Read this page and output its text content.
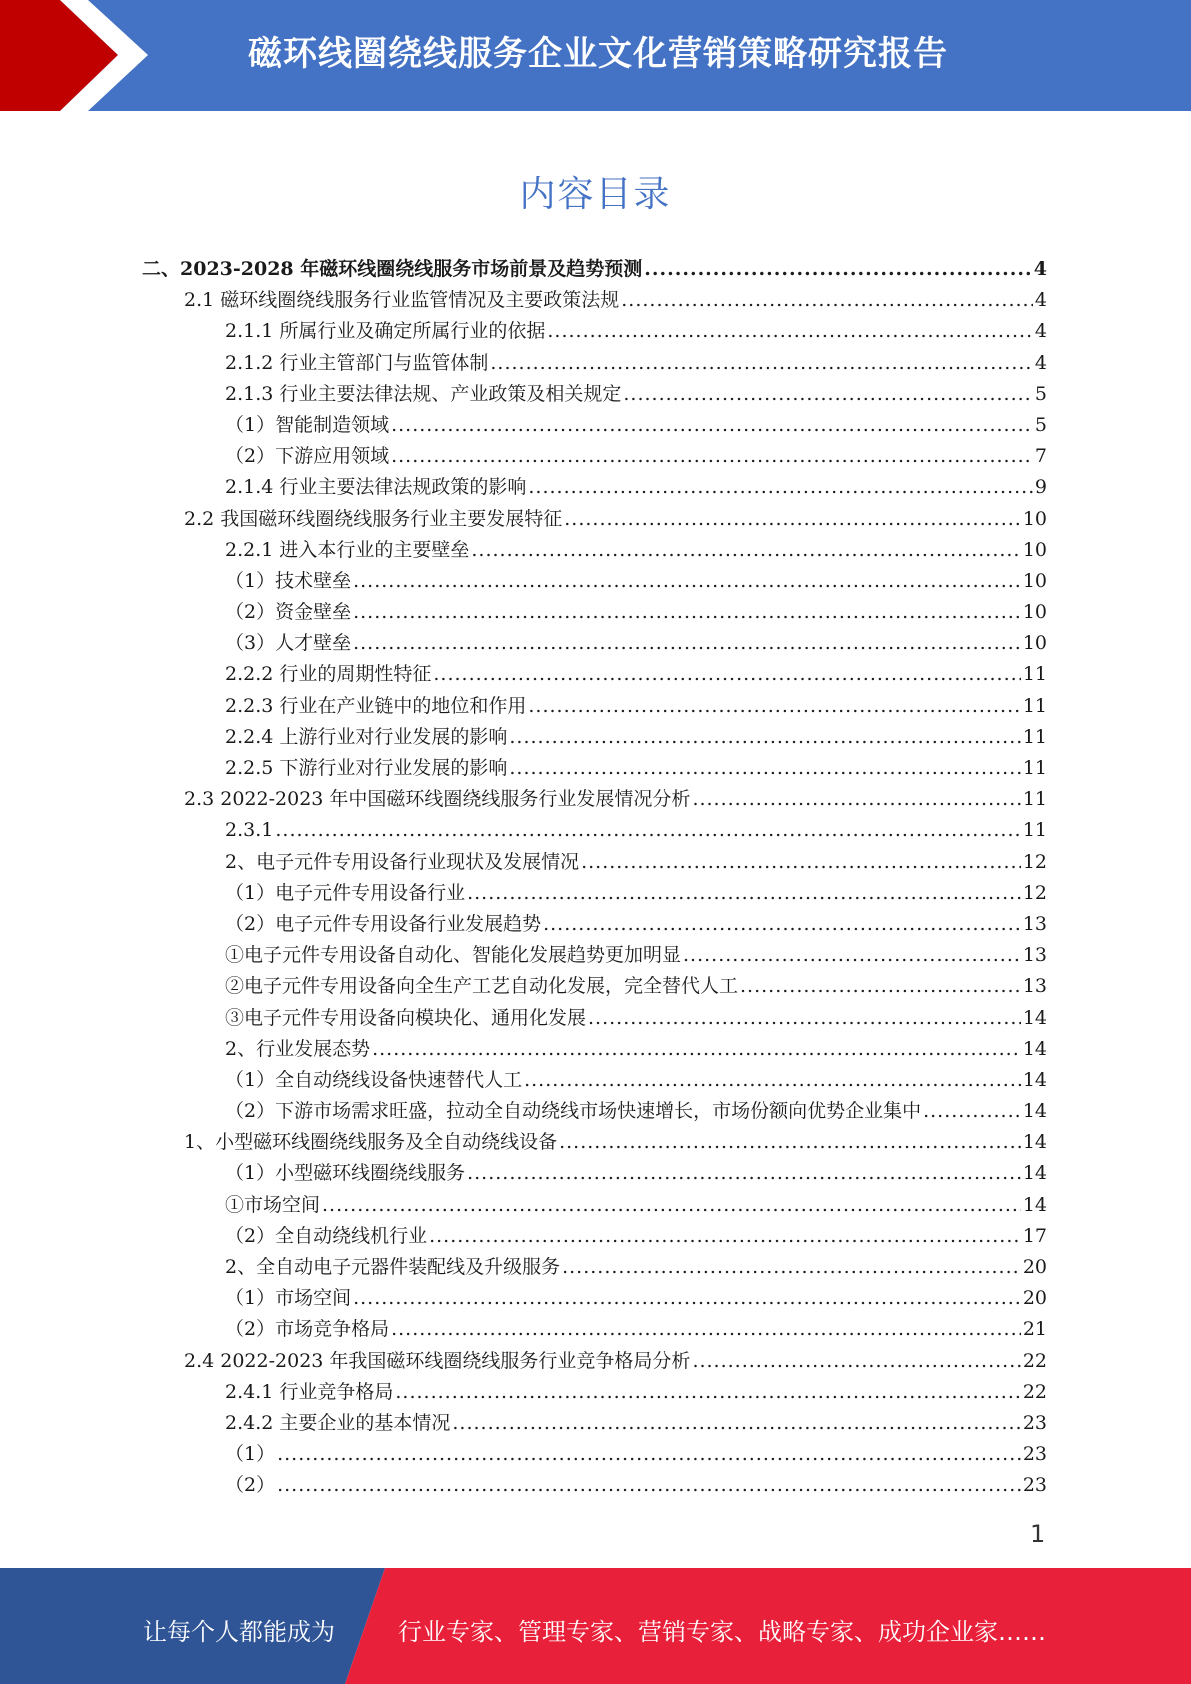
磁环线圈绕线服务企业文化营销策略研究报告
内容目录
二、2023-2028 年磁环线圈绕线服务市场前景及趋势预测 .....	4
2.1 磁环线圈绕线服务行业监管情况及主要政策法规 .....	4
2.1.1 所属行业及确定所属行业的依据 .....	4
2.1.2 行业主管部门与监管体制 .....	4
2.1.3 行业主要法律法规、产业政策及相关规定 .....	5
（1）智能制造领域 .....	5
（2）下游应用领域 .....	7
2.1.4 行业主要法律法规政策的影响 .....	9
2.2 我国磁环线圈绕线服务行业主要发展特征 .....	10
2.2.1 进入本行业的主要壁垒 .....	10
（1）技术壁垒 .....	10
（2）资金壁垒 .....	10
（3）人才壁垒 .....	10
2.2.2 行业的周期性特征 .....	11
2.2.3 行业在产业链中的地位和作用 .....	11
2.2.4 上游行业对行业发展的影响 .....	11
2.2.5 下游行业对行业发展的影响 .....	11
2.3 2022-2023 年中国磁环线圈绕线服务行业发展情况分析 .....	11
2.3.1 .....	11
2、电子元件专用设备行业现状及发展情况 .....	12
（1）电子元件专用设备行业 .....	12
（2）电子元件专用设备行业发展趋势 .....	13
①电子元件专用设备自动化、智能化发展趋势更加明显 .....	13
②电子元件专用设备向全生产工艺自动化发展，完全替代人工 .....	13
③电子元件专用设备向模块化、通用化发展 .....	14
2、行业发展态势 .....	14
（1）全自动绕线设备快速替代人工 .....	14
（2）下游市场需求旺盛，拉动全自动绕线市场快速增长，市场份额向优势企业集中 .....	14
1、小型磁环线圈绕线服务及全自动绕线设备 .....	14
（1）小型磁环线圈绕线服务 .....	14
①市场空间 .....	14
（2）全自动绕线机行业 .....	17
2、全自动电子元器件装配线及升级服务 .....	20
（1）市场空间 .....	20
（2）市场竞争格局 .....	21
2.4 2022-2023 年我国磁环线圈绕线服务行业竞争格局分析 .....	22
2.4.1 行业竞争格局 .....	22
2.4.2 主要企业的基本情况 .....	23
（1） .....	23
（2） .....	23
1
让每个人都能成为	行业专家、管理专家、营销专家、战略专家、成功企业家……
